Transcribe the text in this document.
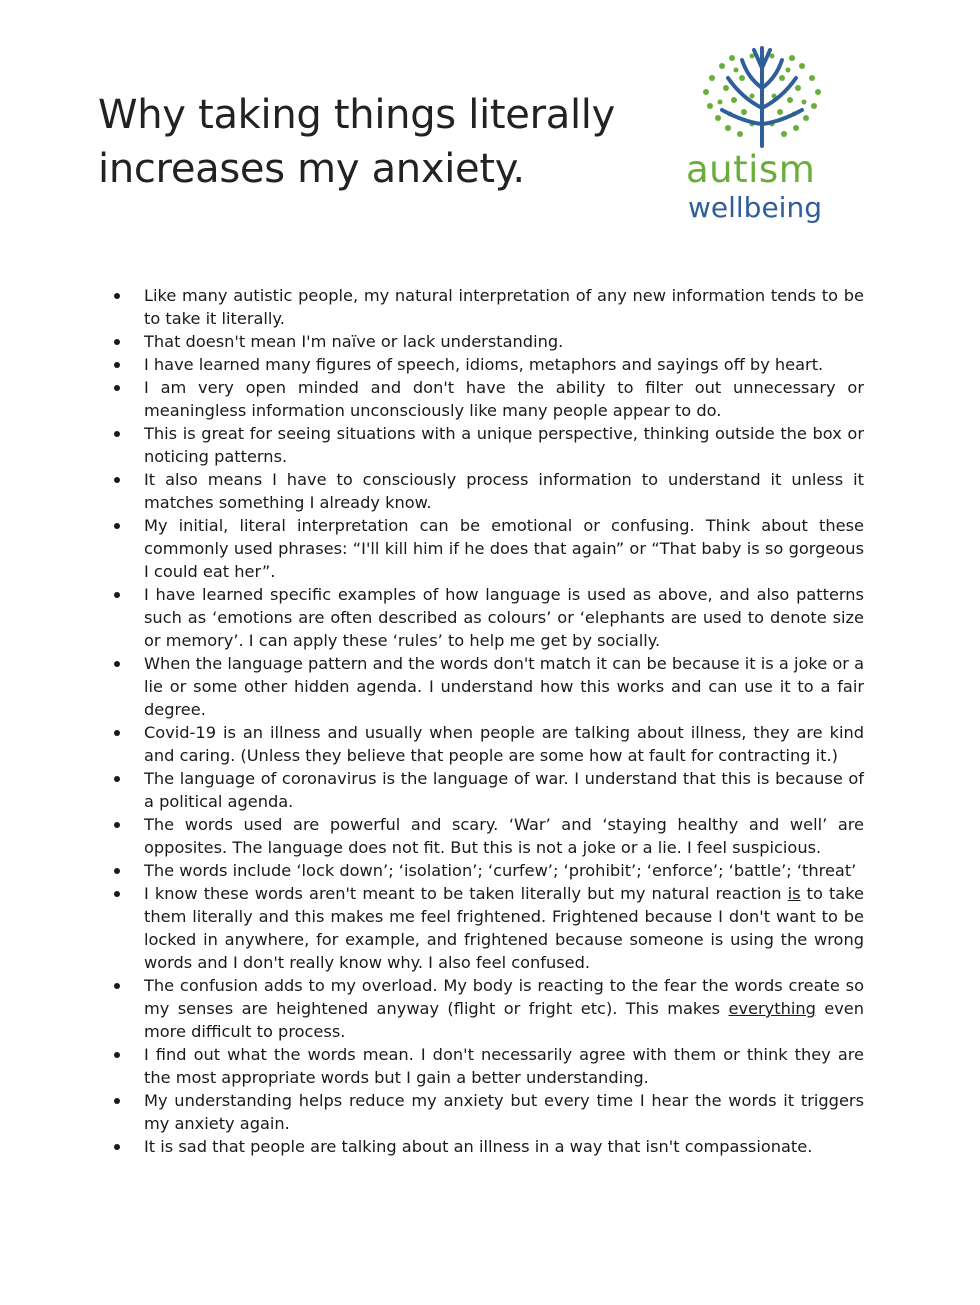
Why taking things literally
increases my anxiety.	autism
wellbeing
Like many autistic people, my natural interpretation of any new information tends to be to take it literally.
That doesn't mean I'm naïve or lack understanding.
I have learned many figures of speech, idioms, metaphors and sayings off by heart.
I am very open minded and don't have the ability to filter out unnecessary or meaningless information unconsciously like many people appear to do.
This is great for seeing situations with a unique perspective, thinking outside the box or noticing patterns.
It also means I have to consciously process information to understand it unless it matches something I already know.
My initial, literal interpretation can be emotional or confusing. Think about these commonly used phrases: “I'll kill him if he does that again” or “That baby is so gorgeous I could eat her”.
I have learned specific examples of how language is used as above, and also patterns such as ‘emotions are often described as colours’ or ‘elephants are used to denote size or memory’. I can apply these ‘rules’ to help me get by socially.
When the language pattern and the words don't match it can be because it is a joke or a lie or some other hidden agenda. I understand how this works and can use it to a fair degree.
Covid-19 is an illness and usually when people are talking about illness, they are kind and caring. (Unless they believe that people are some how at fault for contracting it.)
The language of coronavirus is the language of war. I understand that this is because of a political agenda.
The words used are powerful and scary. ‘War’ and ‘staying healthy and well’ are opposites. The language does not fit. But this is not a joke or a lie. I feel suspicious.
The words include ‘lock down’; ‘isolation’; ‘curfew’; ‘prohibit’; ‘enforce’; ‘battle’; ‘threat’
I know these words aren't meant to be taken literally but my natural reaction is to take them literally and this makes me feel frightened. Frightened because I don't want to be locked in anywhere, for example, and frightened because someone is using the wrong words and I don't really know why. I also feel confused.
The confusion adds to my overload. My body is reacting to the fear the words create so my senses are heightened anyway (flight or fright etc). This makes everything even more difficult to process.
I find out what the words mean. I don't necessarily agree with them or think they are the most appropriate words but I gain a better understanding.
My understanding helps reduce my anxiety but every time I hear the words it triggers my anxiety again.
It is sad that people are talking about an illness in a way that isn't compassionate.
